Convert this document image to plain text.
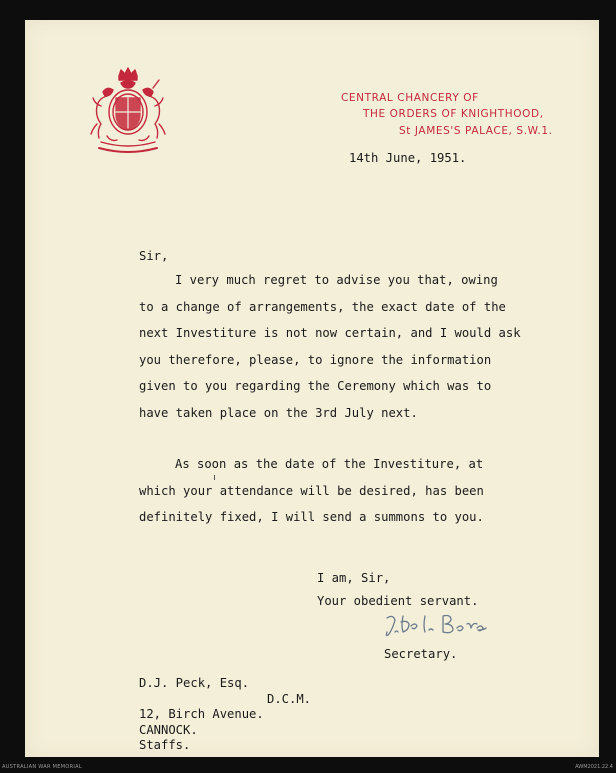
CENTRAL CHANCERY OF
THE ORDERS OF KNIGHTHOOD,
St JAMES'S PALACE, S.W.1.
14th June, 1951.
Sir,
I very much regret to advise you that, owing
to a change of arrangements, the exact date of the
next Investiture is not now certain, and I would ask
you therefore, please, to ignore the information
given to you regarding the Ceremony which was to
have taken place on the 3rd July next.
As soon as the date of the Investiture, at
which your attendance will be desired, has been
definitely fixed, I will send a summons to you.
I am, Sir,
Your obedient servant.
Secretary.
D.J. Peck, Esq.
D.C.M.
12, Birch Avenue.
CANNOCK.
Staffs.
AUSTRALIAN WAR MEMORIAL	AWM2021.22.4
